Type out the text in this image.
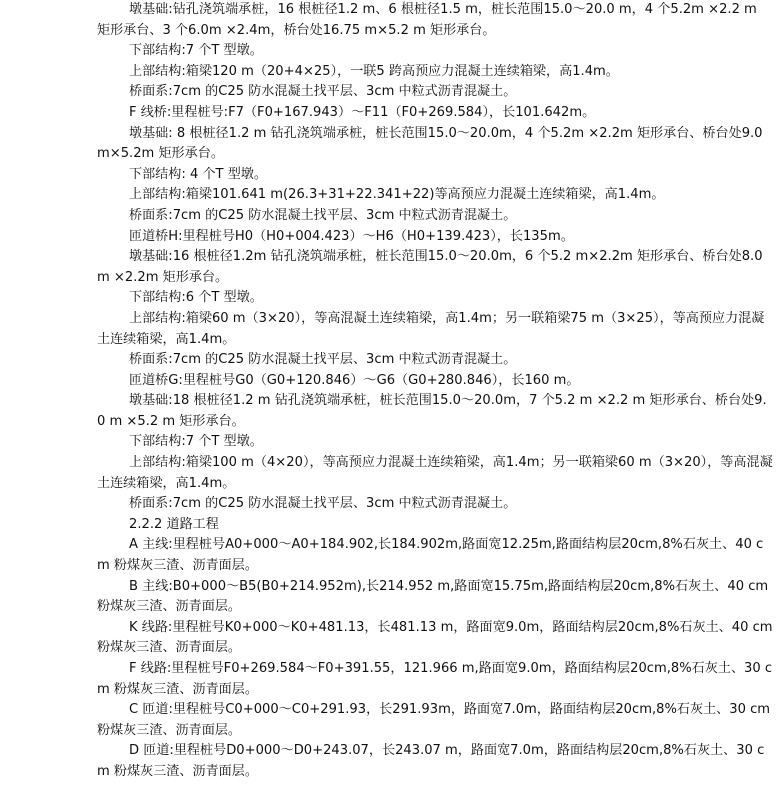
墩基础:钻孔浇筑端承桩，16 根桩径1.2 m、6 根桩径1.5 m，桩长范围15.0～20.0 m，4 个5.2m ×2.2 m 矩形承台、3 个6.0m ×2.4m，桥台处16.75 m×5.2 m 矩形承台。

下部结构:7 个T 型墩。

上部结构:箱梁120 m（20+4×25），一联5 跨高预应力混凝土连续箱梁，高1.4m。

桥面系:7cm 的C25 防水混凝土找平层、3cm 中粒式沥青混凝土。

F 线桥:里程桩号:F7（F0+167.943）～F11（F0+269.584），长101.642m。

墩基础: 8 根桩径1.2 m 钻孔浇筑端承桩，桩长范围15.0～20.0m，4 个5.2m ×2.2m 矩形承台、桥台处9.0m×5.2m 矩形承台。

下部结构: 4 个T 型墩。

上部结构:箱梁101.641 m(26.3+31+22.341+22)等高预应力混凝土连续箱梁，高1.4m。

桥面系:7cm 的C25 防水混凝土找平层、3cm 中粒式沥青混凝土。

匝道桥H:里程桩号H0（H0+004.423）～H6（H0+139.423），长135m。

墩基础:16 根桩径1.2m 钻孔浇筑端承桩，桩长范围15.0～20.0m，6 个5.2 m×2.2m 矩形承台、桥台处8.0m ×2.2m 矩形承台。

下部结构:6 个T 型墩。

上部结构:箱梁60 m（3×20），等高混凝土连续箱梁，高1.4m；另一联箱梁75 m（3×25），等高预应力混凝土连续箱梁，高1.4m。

桥面系:7cm 的C25 防水混凝土找平层、3cm 中粒式沥青混凝土。

匝道桥G:里程桩号G0（G0+120.846）～G6（G0+280.846），长160 m。

墩基础:18 根桩径1.2 m 钻孔浇筑端承桩，桩长范围15.0～20.0m，7 个5.2 m ×2.2 m 矩形承台、桥台处9.0 m ×5.2 m 矩形承台。

下部结构:7 个T 型墩。

上部结构:箱梁100 m（4×20），等高预应力混凝土连续箱梁，高1.4m；另一联箱梁60 m（3×20），等高混凝土连续箱梁，高1.4m。

桥面系:7cm 的C25 防水混凝土找平层、3cm 中粒式沥青混凝土。

2.2.2 道路工程

A 主线:里程桩号A0+000～A0+184.902,长184.902m,路面宽12.25m,路面结构层20cm,8%石灰土、40 cm 粉煤灰三渣、沥青面层。

B 主线:B0+000～B5(B0+214.952m),长214.952 m,路面宽15.75m,路面结构层20cm,8%石灰土、40 cm 粉煤灰三渣、沥青面层。

K 线路:里程桩号K0+000～K0+481.13，长481.13 m，路面宽9.0m，路面结构层20cm,8%石灰土、40 cm 粉煤灰三渣、沥青面层。

F 线路:里程桩号F0+269.584～F0+391.55，121.966 m,路面宽9.0m，路面结构层20cm,8%石灰土、30 cm 粉煤灰三渣、沥青面层。

C 匝道:里程桩号C0+000～C0+291.93，长291.93m，路面宽7.0m，路面结构层20cm,8%石灰土、30 cm 粉煤灰三渣、沥青面层。

D 匝道:里程桩号D0+000～D0+243.07，长243.07 m，路面宽7.0m，路面结构层20cm,8%石灰土、30 cm 粉煤灰三渣、沥青面层。
